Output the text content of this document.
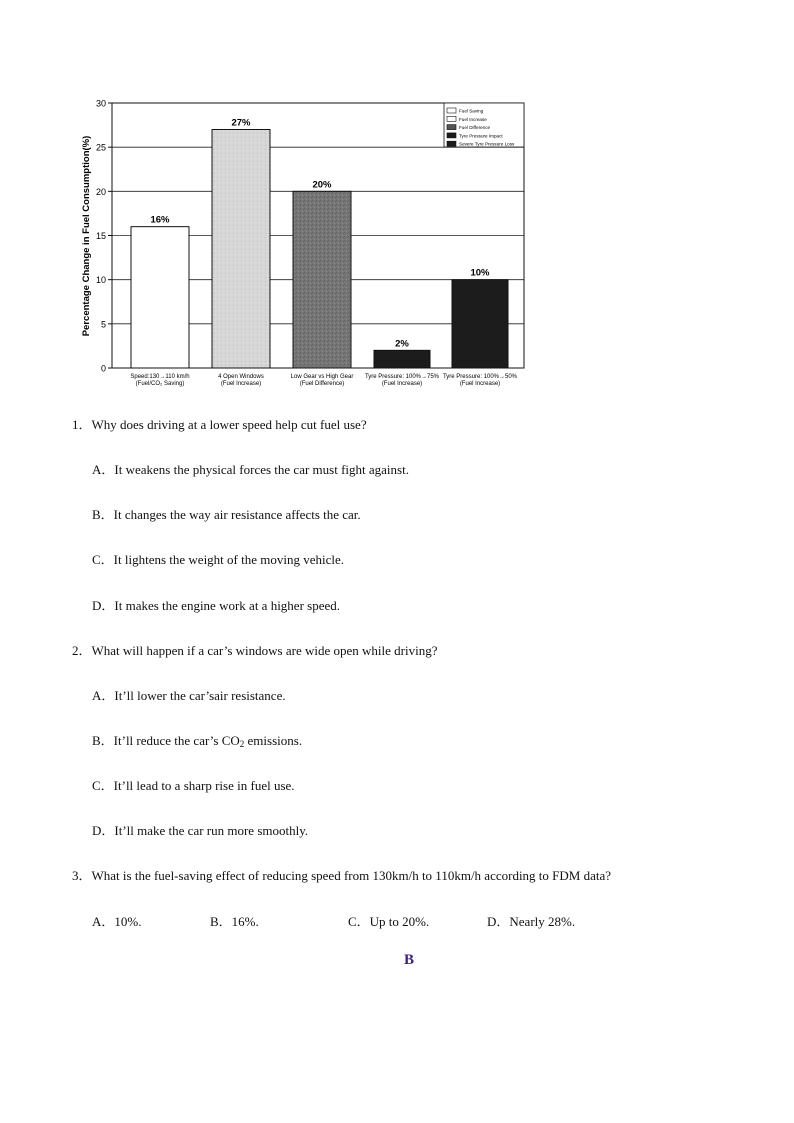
0
5
10
15
20
25
30
16%
27%
20%
2%
10%
Percentage Change in Fuel Consumption(%)
Speed:130→110 km/h
(Fuel/CO₂ Saving)
4 Open Windows
(Fuel Increase)
Low Gear vs High Gear
(Fuel Difference)
Tyre Pressure: 100%→75%
(Fuel Increase)
Tyre Pressure: 100%→50%
(Fuel Increase)
Fuel Saving
Fuel Increase
Fuel Difference
Tyre Pressure Impact
Severe Tyre Pressure Loss
1．Why does driving at a lower speed help cut fuel use?
A．It weakens the physical forces the car must fight against.
B．It changes the way air resistance affects the car.
C．It lightens the weight of the moving vehicle.
D．It makes the engine work at a higher speed.
2．What will happen if a car’s windows are wide open while driving?
A．It’ll lower the car’sair resistance.
B．It’ll reduce the car’s $CO_2$ emissions.
C．It’ll lead to a sharp rise in fuel use.
D．It’ll make the car run more smoothly.
3．What is the fuel-saving effect of reducing speed from 130km/h to 110km/h according to FDM data?
A．10%.	B．16%.	C．Up to 20%.	D．Nearly 28%.
B
